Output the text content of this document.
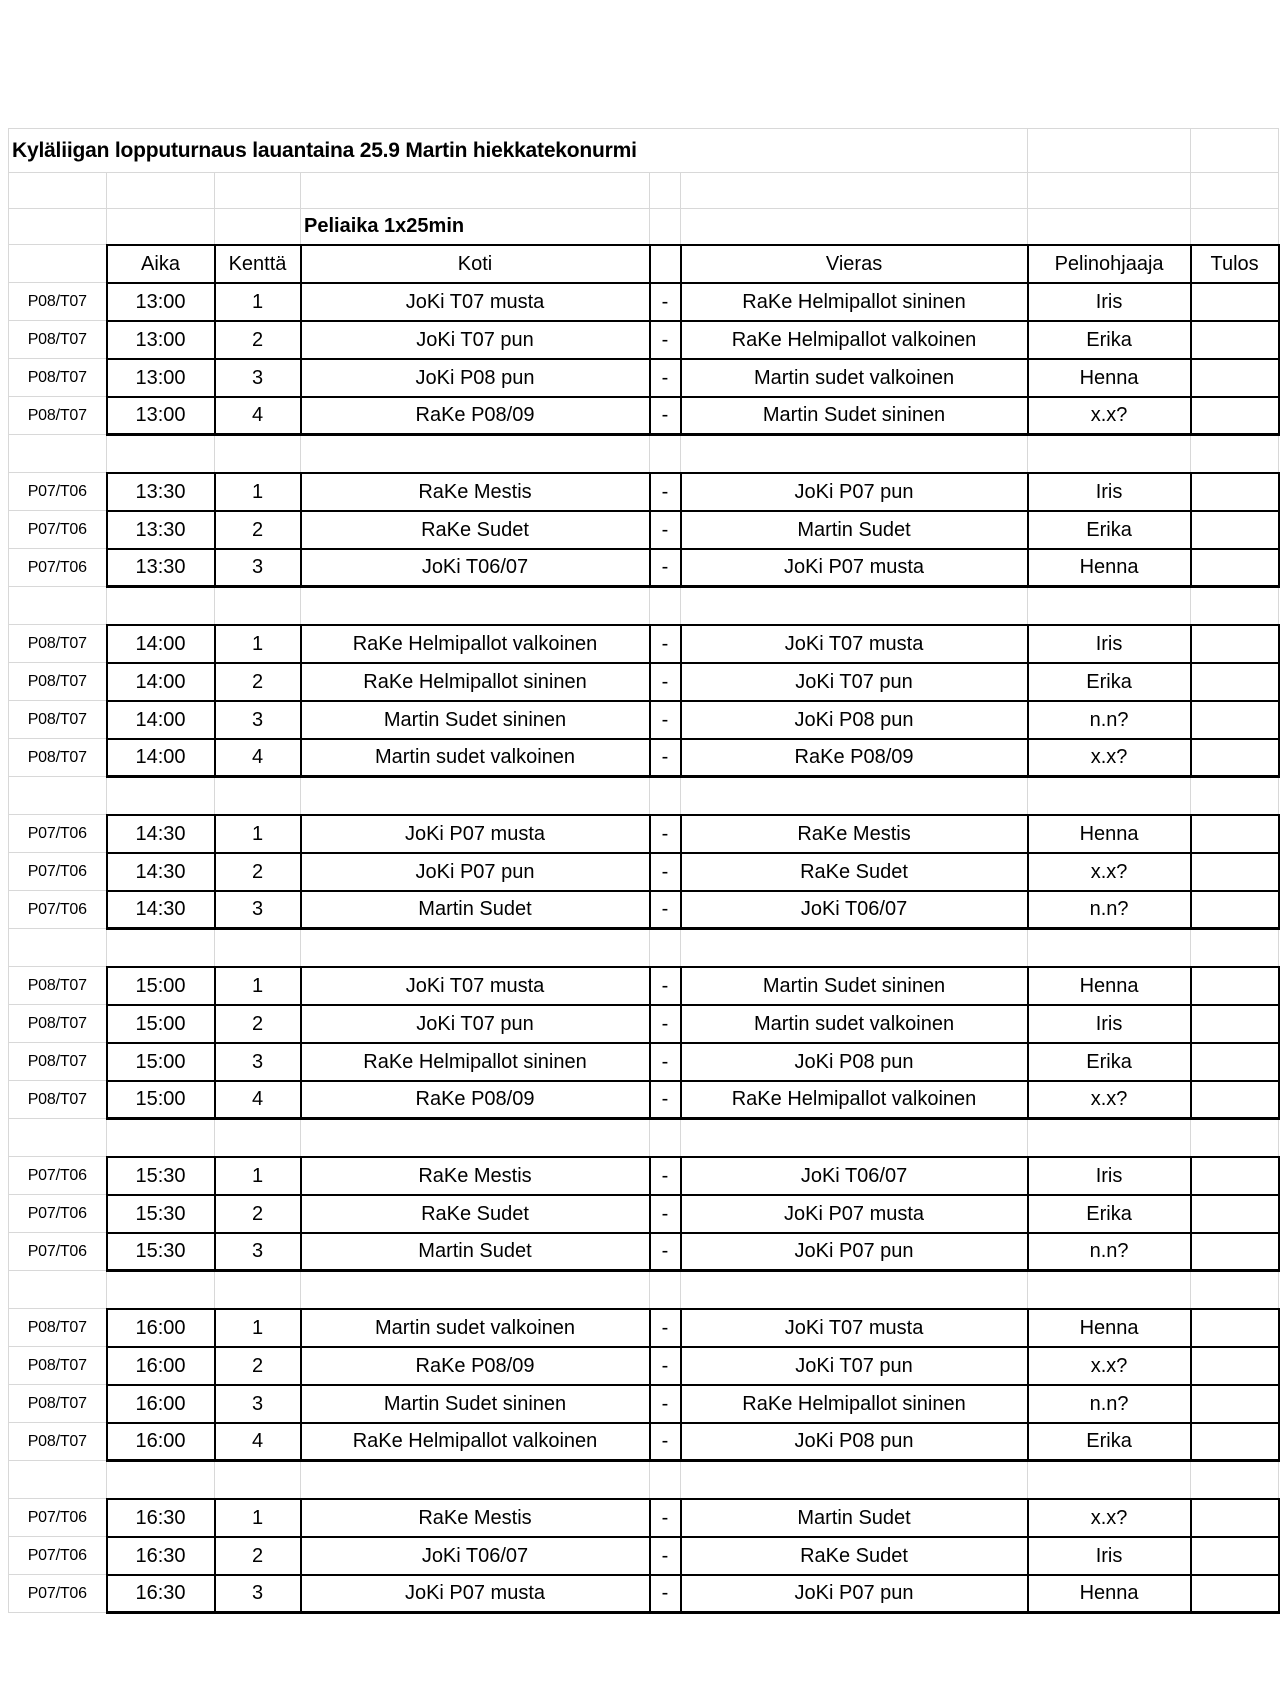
Kyläliigan lopputurnaus lauantaina 25.9 Martin hiekkatekonurmi							

			Peliaika 1x25min				
	Aika	Kenttä	Koti		Vieras	Pelinohjaaja	Tulos
P08/T07	13:00	1	JoKi T07 musta	-	RaKe Helmipallot sininen	Iris	
P08/T07	13:00	2	JoKi T07 pun	-	RaKe Helmipallot valkoinen	Erika	
P08/T07	13:00	3	JoKi P08 pun	-	Martin sudet valkoinen	Henna	
P08/T07	13:00	4	RaKe P08/09	-	Martin Sudet sininen	x.x?	

P07/T06	13:30	1	RaKe Mestis	-	JoKi P07 pun	Iris	
P07/T06	13:30	2	RaKe Sudet	-	Martin Sudet	Erika	
P07/T06	13:30	3	JoKi T06/07	-	JoKi P07 musta	Henna	

P08/T07	14:00	1	RaKe Helmipallot valkoinen	-	JoKi T07 musta	Iris	
P08/T07	14:00	2	RaKe Helmipallot sininen	-	JoKi T07 pun	Erika	
P08/T07	14:00	3	Martin Sudet sininen	-	JoKi P08 pun	n.n?	
P08/T07	14:00	4	Martin sudet valkoinen	-	RaKe P08/09	x.x?	

P07/T06	14:30	1	JoKi P07 musta	-	RaKe Mestis	Henna	
P07/T06	14:30	2	JoKi P07 pun	-	RaKe Sudet	x.x?	
P07/T06	14:30	3	Martin Sudet	-	JoKi T06/07	n.n?	

P08/T07	15:00	1	JoKi T07 musta	-	Martin Sudet sininen	Henna	
P08/T07	15:00	2	JoKi T07 pun	-	Martin sudet valkoinen	Iris	
P08/T07	15:00	3	RaKe Helmipallot sininen	-	JoKi P08 pun	Erika	
P08/T07	15:00	4	RaKe P08/09	-	RaKe Helmipallot valkoinen	x.x?	

P07/T06	15:30	1	RaKe Mestis	-	JoKi T06/07	Iris	
P07/T06	15:30	2	RaKe Sudet	-	JoKi P07 musta	Erika	
P07/T06	15:30	3	Martin Sudet	-	JoKi P07 pun	n.n?	

P08/T07	16:00	1	Martin sudet valkoinen	-	JoKi T07 musta	Henna	
P08/T07	16:00	2	RaKe P08/09	-	JoKi T07 pun	x.x?	
P08/T07	16:00	3	Martin Sudet sininen	-	RaKe Helmipallot sininen	n.n?	
P08/T07	16:00	4	RaKe Helmipallot valkoinen	-	JoKi P08 pun	Erika	

P07/T06	16:30	1	RaKe Mestis	-	Martin Sudet	x.x?	
P07/T06	16:30	2	JoKi T06/07	-	RaKe Sudet	Iris	
P07/T06	16:30	3	JoKi P07 musta	-	JoKi P07 pun	Henna	
